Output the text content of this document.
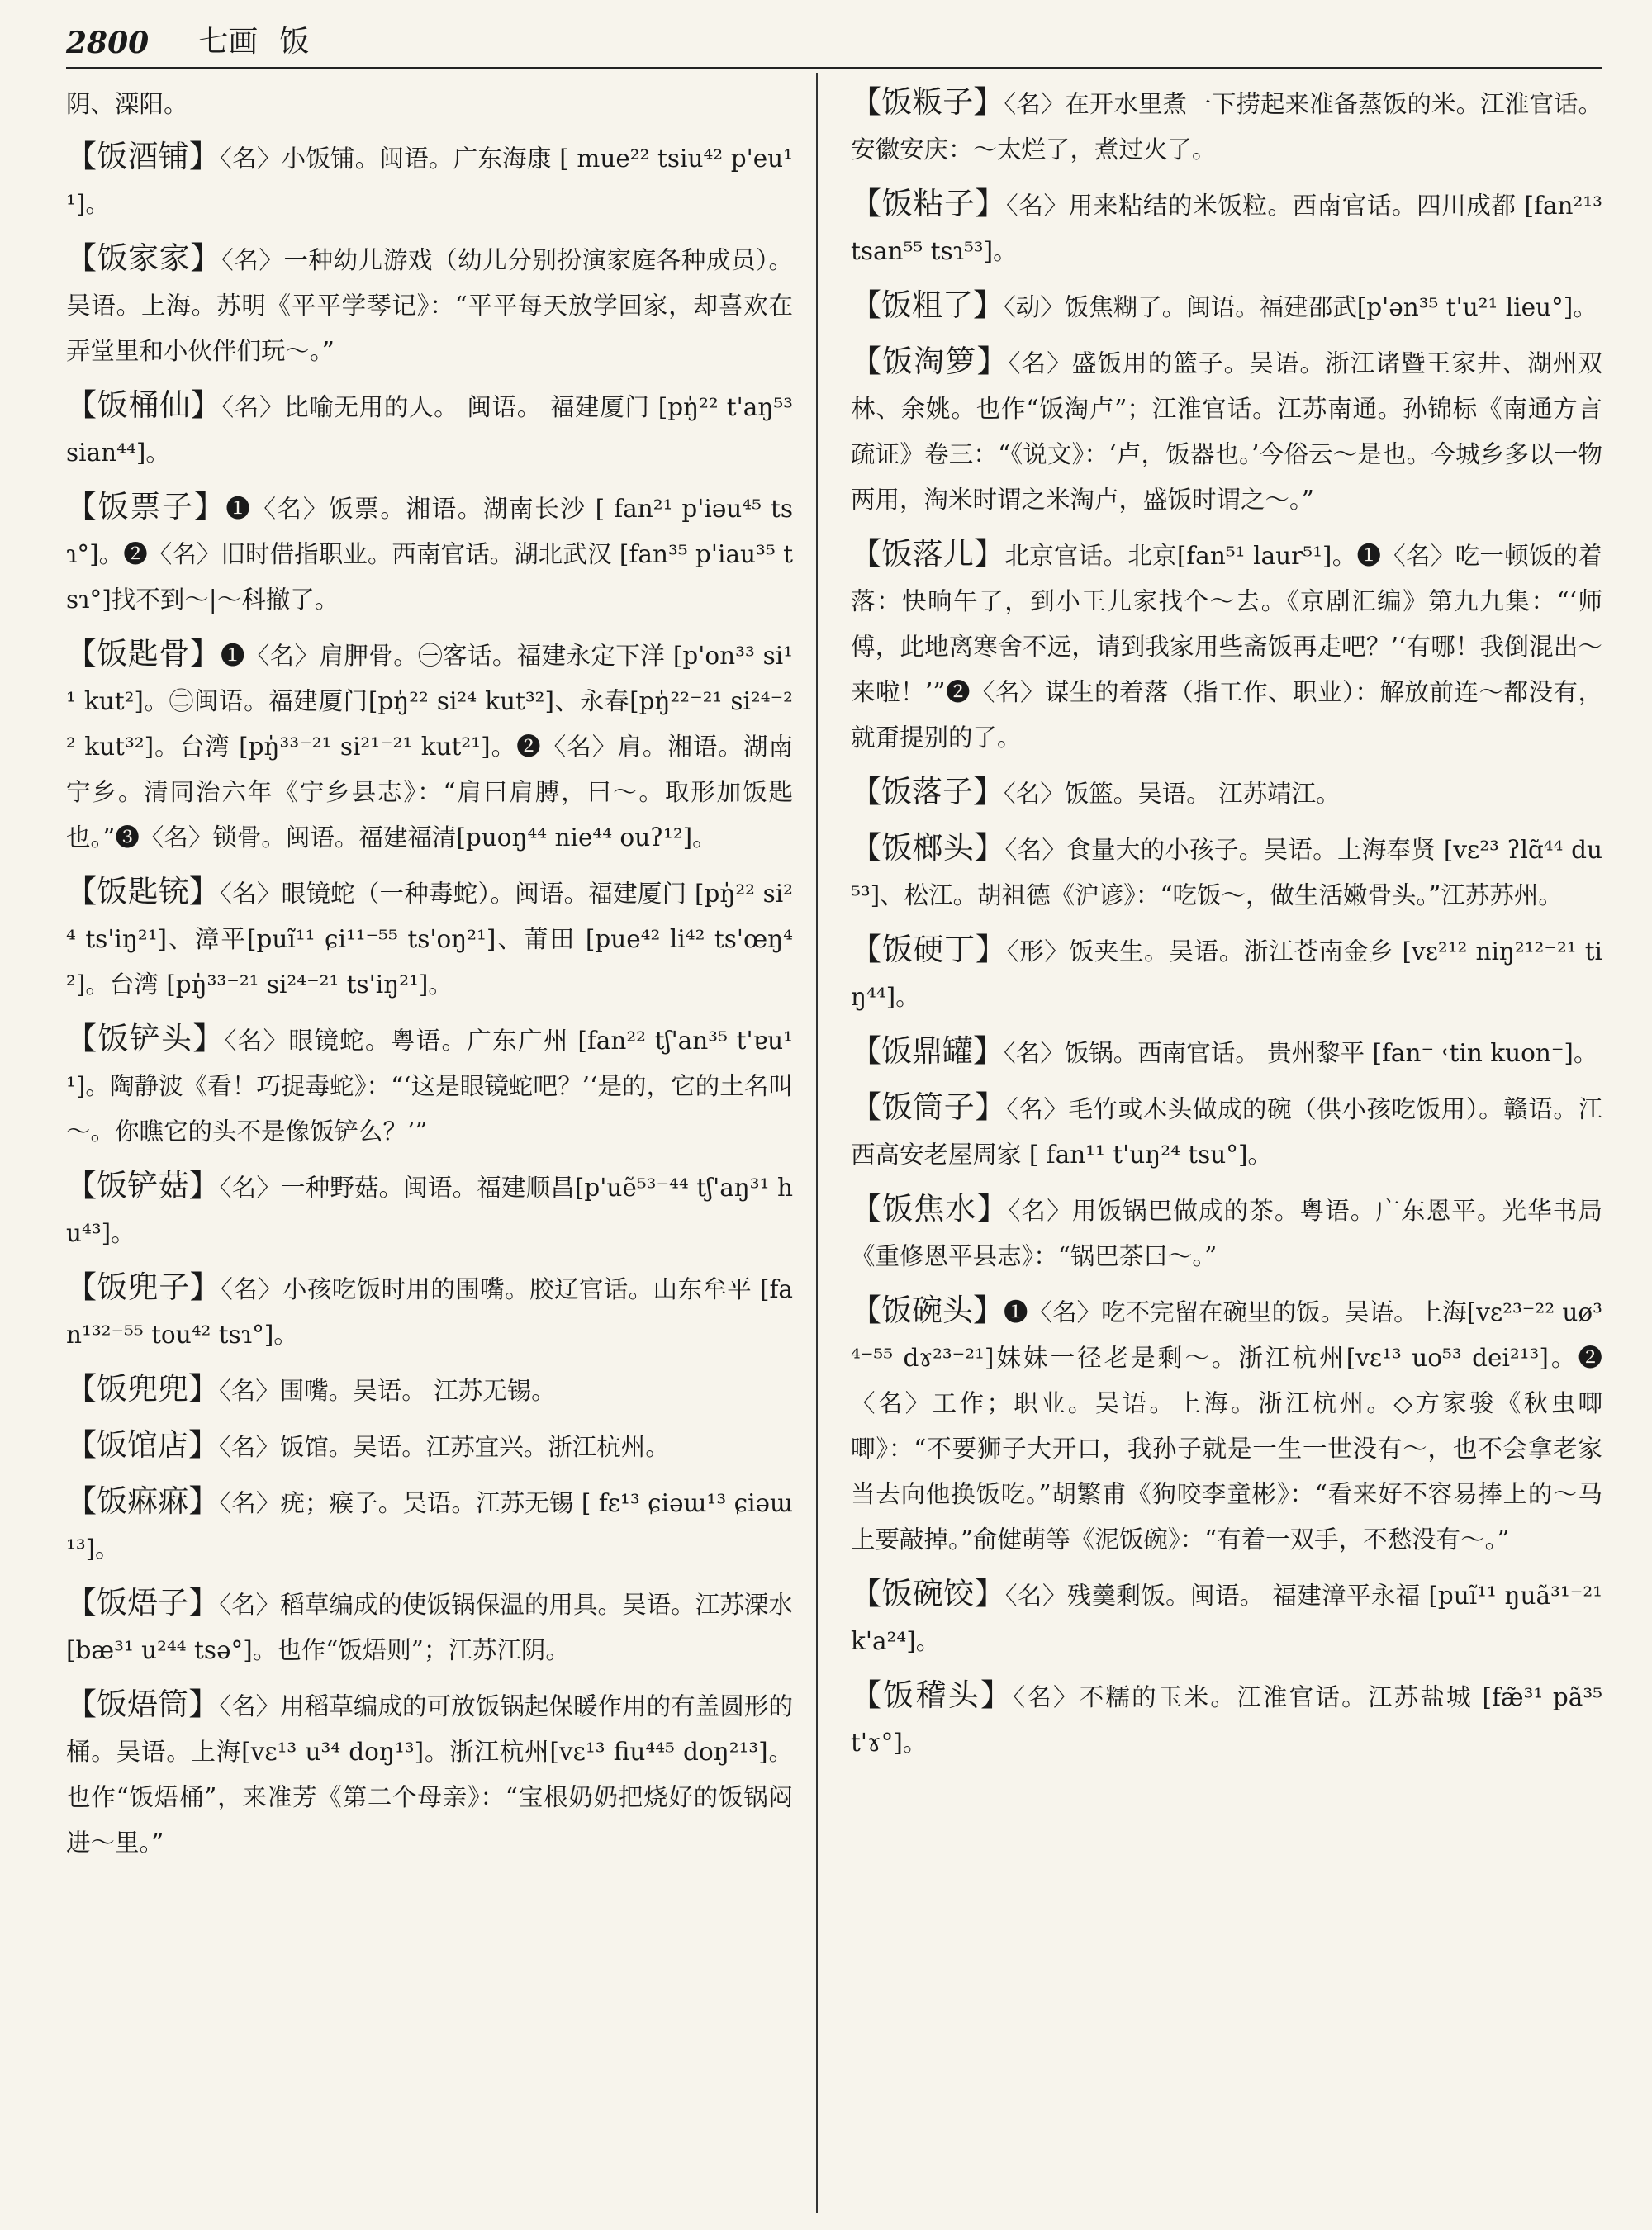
2800 七画 饭

阴、溧阳。

【饭酒铺】〈名〉小饭铺。闽语。广东海康 [ mue²² tsiu⁴² p'eu¹¹]。

【饭家家】〈名〉一种幼儿游戏（幼儿分别扮演家庭各种成员）。吴语。上海。苏明《平平学琴记》：“平平每天放学回家，却喜欢在弄堂里和小伙伴们玩～。”

【饭桶仙】〈名〉比喻无用的人。 闽语。 福建厦门 [pŋ̍²² t'aŋ⁵³ sian⁴⁴]。

【饭票子】❶〈名〉饭票。湘语。湖南长沙 [ fan²¹ p'iəu⁴⁵ tsɿ°]。❷〈名〉旧时借指职业。西南官话。湖北武汉 [fan³⁵ p'iau³⁵ tsɿ°]找不到～|～科撤了。

【饭匙骨】❶〈名〉肩胛骨。㊀客话。福建永定下洋 [p'on³³ si¹¹ kut²]。㊁闽语。福建厦门[pŋ̍²² si²⁴ kut³²]、永春[pŋ̍²²⁻²¹ si²⁴⁻²² kut³²]。台湾 [pŋ̍³³⁻²¹ si²¹⁻²¹ kut²¹]。❷〈名〉肩。湘语。湖南宁乡。清同治六年《宁乡县志》：“肩曰肩膊，曰～。取形加饭匙也。”❸〈名〉锁骨。闽语。福建福清[puoŋ⁴⁴ nie⁴⁴ ouʔ¹²]。

【饭匙铳】〈名〉眼镜蛇（一种毒蛇）。闽语。福建厦门 [pŋ̍²² si²⁴ ts'iŋ²¹]、漳平[puĩ¹¹ ɕi¹¹⁻⁵⁵ ts'oŋ²¹]、莆田 [pue⁴² li⁴² ts'œŋ⁴²]。台湾 [pŋ̍³³⁻²¹ si²⁴⁻²¹ ts'iŋ²¹]。

【饭铲头】〈名〉眼镜蛇。粤语。广东广州 [fan²² tʃ'an³⁵ t'ɐu¹¹]。陶静波《看！巧捉毒蛇》：“‘这是眼镜蛇吧？’‘是的，它的土名叫～。你瞧它的头不是像饭铲么？’”

【饭铲菇】〈名〉一种野菇。闽语。福建顺昌[p'uẽ⁵³⁻⁴⁴ tʃ'aŋ³¹ hu⁴³]。

【饭兜子】〈名〉小孩吃饭时用的围嘴。胶辽官话。山东牟平 [fan¹³²⁻⁵⁵ tou⁴² tsɿ°]。

【饭兜兜】〈名〉围嘴。吴语。 江苏无锡。

【饭馆店】〈名〉饭馆。吴语。江苏宜兴。浙江杭州。

【饭痳痳】〈名〉疣；瘊子。吴语。江苏无锡 [ fɛ¹³ ɕiəɯ¹³ ɕiəɯ¹³]。

【饭焐子】〈名〉稻草编成的使饭锅保温的用具。吴语。江苏溧水[bæ³¹ u²⁴⁴ tsə°]。也作“饭焐则”；江苏江阴。

【饭焐筒】〈名〉用稻草编成的可放饭锅起保暖作用的有盖圆形的桶。吴语。上海[vɛ¹³ u³⁴ doŋ¹³]。浙江杭州[vɛ¹³ fiu⁴⁴⁵ doŋ²¹³]。也作“饭焐桶”，来准芳《第二个母亲》：“宝根奶奶把烧好的饭锅闷进～里。”

【饭粄子】〈名〉在开水里煮一下捞起来准备蒸饭的米。江淮官话。安徽安庆：～太烂了，煮过火了。

【饭粘子】〈名〉用来粘结的米饭粒。西南官话。四川成都 [fan²¹³ tsan⁵⁵ tsɿ⁵³]。

【饭粗了】〈动〉饭焦糊了。闽语。福建邵武[p'ən³⁵ t'u²¹ lieu°]。

【饭淘箩】〈名〉盛饭用的篮子。吴语。浙江诸暨王家井、湖州双林、余姚。也作“饭淘卢”；江淮官话。江苏南通。孙锦标《南通方言疏证》卷三：“《说文》：‘卢，饭器也。’今俗云～是也。今城乡多以一物两用，淘米时谓之米淘卢，盛饭时谓之～。”

【饭落儿】北京官话。北京[fan⁵¹ laur⁵¹]。❶〈名〉吃一顿饭的着落：快晌午了，到小王儿家找个～去。《京剧汇编》第九九集：“‘师傅，此地离寒舍不远，请到我家用些斋饭再走吧？’‘有哪！我倒混出～来啦！’”❷〈名〉谋生的着落（指工作、职业）：解放前连～都没有，就甭提别的了。

【饭落子】〈名〉饭篮。吴语。 江苏靖江。

【饭榔头】〈名〉食量大的小孩子。吴语。上海奉贤 [vɛ²³ ʔlɑ̃⁴⁴ du⁵³]、松江。胡祖德《沪谚》：“吃饭～，做生活嫩骨头。”江苏苏州。

【饭硬丁】〈形〉饭夹生。吴语。浙江苍南金乡 [vɛ²¹² niŋ²¹²⁻²¹ tiŋ⁴⁴]。

【饭鼎罐】〈名〉饭锅。西南官话。 贵州黎平 [fan⁻ ˓tin kuon⁻]。

【饭筒子】〈名〉毛竹或木头做成的碗（供小孩吃饭用）。赣语。江西高安老屋周家 [ fan¹¹ t'uŋ²⁴ tsu°]。

【饭焦水】〈名〉用饭锅巴做成的茶。粤语。广东恩平。光华书局《重修恩平县志》：“锅巴茶曰～。”

【饭碗头】❶〈名〉吃不完留在碗里的饭。吴语。上海[vɛ²³⁻²² uø³⁴⁻⁵⁵ dɤ²³⁻²¹]妹妹一径老是剩～。浙江杭州[vɛ¹³ uo⁵³ dei²¹³]。❷〈名〉工作；职业。吴语。上海。浙江杭州。◇方家骏《秋虫唧唧》：“不要狮子大开口，我孙子就是一生一世没有～，也不会拿老家当去向他换饭吃。”胡繁甫《狗咬李童彬》：“看来好不容易捧上的～马上要敲掉。”俞健萌等《泥饭碗》：“有着一双手，不愁没有～。”

【饭碗饺】〈名〉残羹剩饭。闽语。 福建漳平永福 [puĩ¹¹ ŋuã³¹⁻²¹ k'a²⁴]。

【饭稽头】〈名〉不糯的玉米。江淮官话。江苏盐城 [fæ̃³¹ pã³⁵ t'ɤ°]。
